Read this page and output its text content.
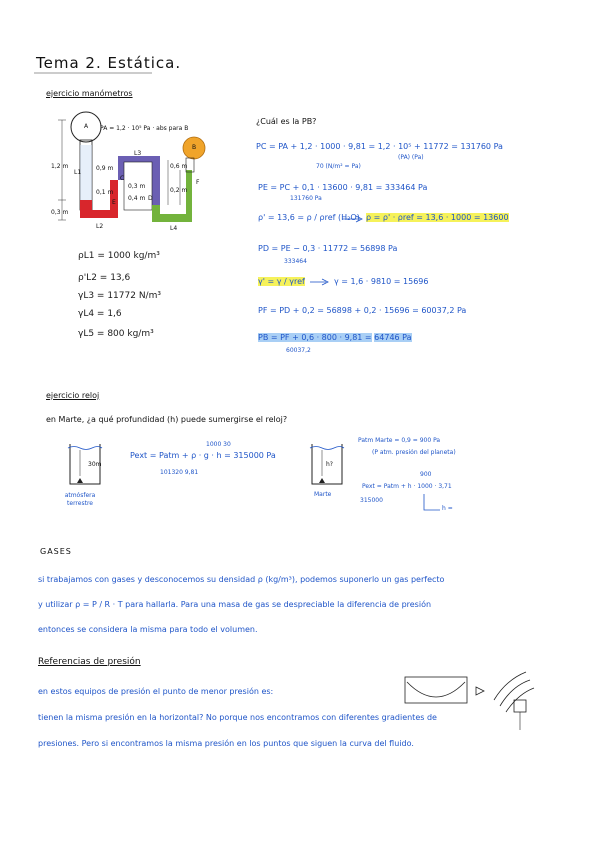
Tema 2. Estática.
ejercicio manómetros
A
B
PA = 1,2 · 10⁵ Pa · abs para B
1,2 m
0,3 m
L1
L2
L3
L4
0,9 m
0,1 m
0,3 m
0,4 m
0,6 m
0,2 m
C
D
E
F
ρL1 = 1000 kg/m³
ρ'L2 = 13,6
γL3 = 11772 N/m³
γL4 = 1,6
γL5 = 800 kg/m³
¿Cuál es la PB?
PC = PA + 1,2 · 1000 · 9,81 = 1,2 · 10⁵ + 11772 = 131760 Pa
(PA) (Pa)
70 (N/m² = Pa)
PE = PC + 0,1 · 13600 · 9,81 = 333464 Pa
131760 Pa
ρ' = 13,6 = ρ / ρref (H₂O) ρ = ρ' · ρref = 13,6 · 1000 = 13600
PD = PE − 0,3 · 11772 = 56898 Pa
333464
γ' = γ / γref	γ = 1,6 · 9810 = 15696
PF = PD + 0,2 = 56898 + 0,2 · 15696 = 60037,2 Pa
PB = PF + 0,6 · 800 · 9,81 = 64746 Pa
60037,2
ejercicio reloj
en Marte, ¿a qué profundidad (h) puede sumergirse el reloj?
30m	h?
atmósfera terrestre
Marte
1000 30
Pext = Patm + ρ · g · h = 315000 Pa
101320 9,81
Patm Marte = 0,9 = 900 Pa
(P atm. presión del planeta)
900
Pext = Patm + h · 1000 · 3,71
315000
h =
GASES
si trabajamos con gases y desconocemos su densidad ρ (kg/m³), podemos suponerlo un gas perfecto
y utilizar ρ = P / R · T para hallarla. Para una masa de gas se despreciable la diferencia de presión
entonces se considera la misma para todo el volumen.
Referencias de presión
en estos equipos de presión el punto de menor presión es:
tienen la misma presión en la horizontal? No porque nos encontramos con diferentes gradientes de
presiones. Pero si encontramos la misma presión en los puntos que siguen la curva del fluido.
